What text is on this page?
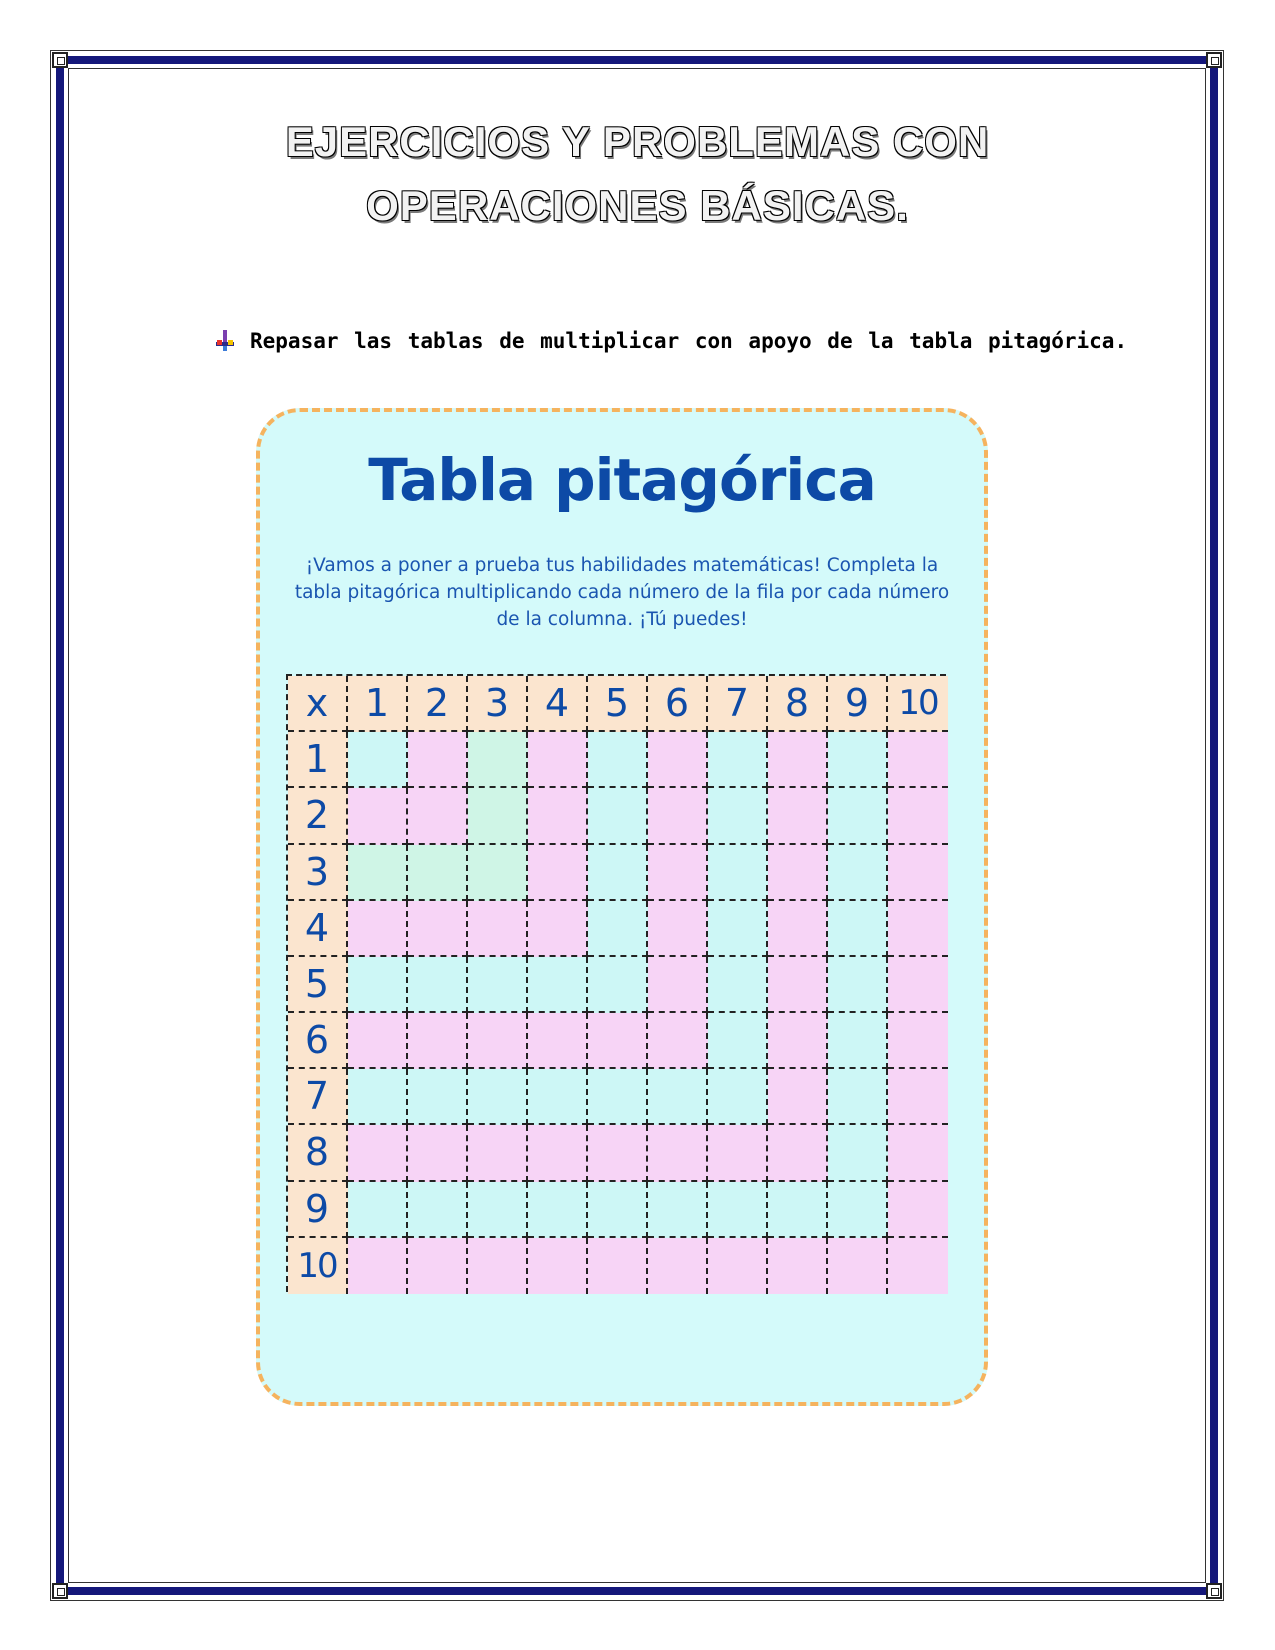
EJERCICIOS Y PROBLEMAS CON
OPERACIONES BÁSICAS.
Repasar las tablas de multiplicar con apoyo de la tabla pitagórica.
Tabla pitagórica
¡Vamos a poner a prueba tus habilidades matemáticas! Completa la tabla pitagórica multiplicando cada número de la fila por cada número de la columna. ¡Tú puedes!
x 1 2 3 4 5 6 7 8 9 10
1
2
3
4
5
6
7
8
9
10
